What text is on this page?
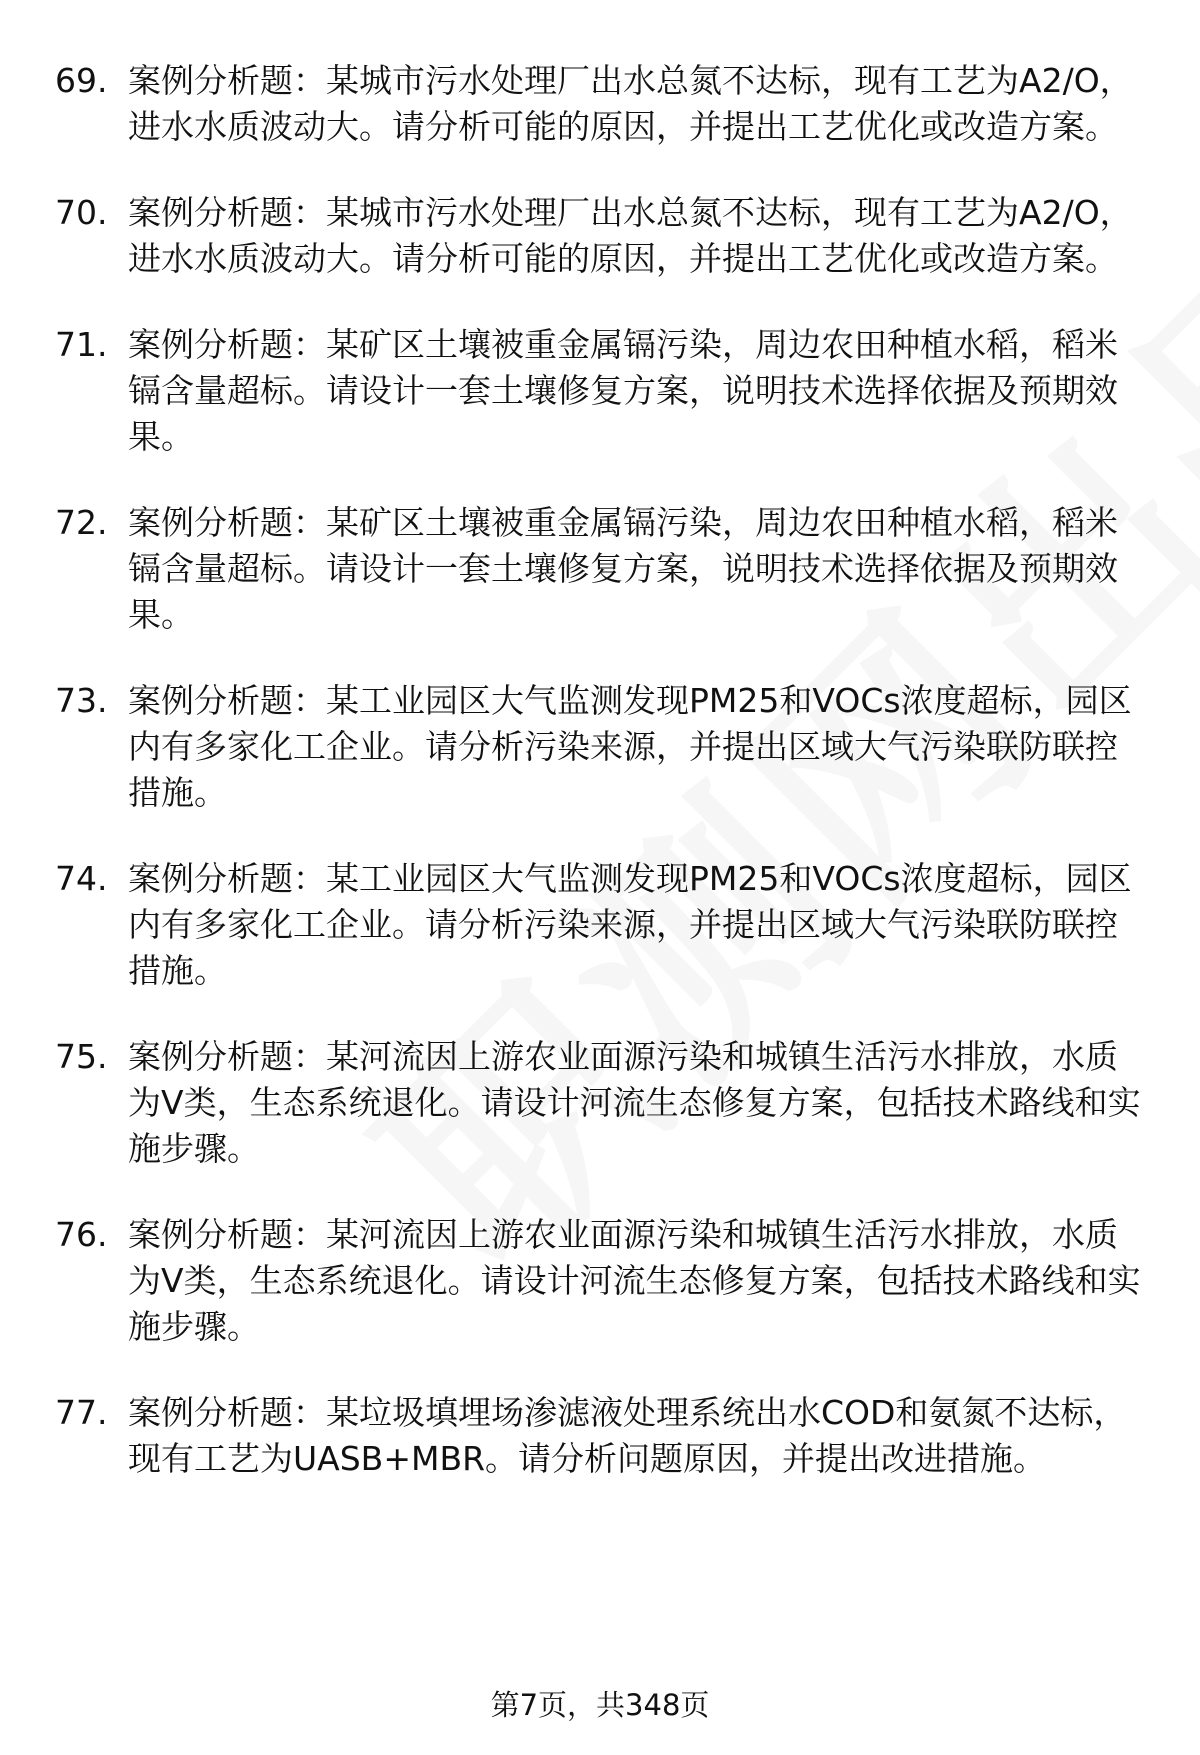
69. 案例分析题：某城市污水处理厂出水总氮不达标，现有工艺为A2/O，进水水质波动大。请分析可能的原因，并提出工艺优化或改造方案。
70. 案例分析题：某城市污水处理厂出水总氮不达标，现有工艺为A2/O，进水水质波动大。请分析可能的原因，并提出工艺优化或改造方案。
71. 案例分析题：某矿区土壤被重金属镉污染，周边农田种植水稻，稻米镉含量超标。请设计一套土壤修复方案，说明技术选择依据及预期效果。
72. 案例分析题：某矿区土壤被重金属镉污染，周边农田种植水稻，稻米镉含量超标。请设计一套土壤修复方案，说明技术选择依据及预期效果。
73. 案例分析题：某工业园区大气监测发现PM25和VOCs浓度超标，园区内有多家化工企业。请分析污染来源，并提出区域大气污染联防联控措施。
74. 案例分析题：某工业园区大气监测发现PM25和VOCs浓度超标，园区内有多家化工企业。请分析污染来源，并提出区域大气污染联防联控措施。
75. 案例分析题：某河流因上游农业面源污染和城镇生活污水排放，水质为V类，生态系统退化。请设计河流生态修复方案，包括技术路线和实施步骤。
76. 案例分析题：某河流因上游农业面源污染和城镇生活污水排放，水质为V类，生态系统退化。请设计河流生态修复方案，包括技术路线和实施步骤。
77. 案例分析题：某垃圾填埋场渗滤液处理系统出水COD和氨氮不达标，现有工艺为UASB+MBR。请分析问题原因，并提出改进措施。
第7页，共348页
